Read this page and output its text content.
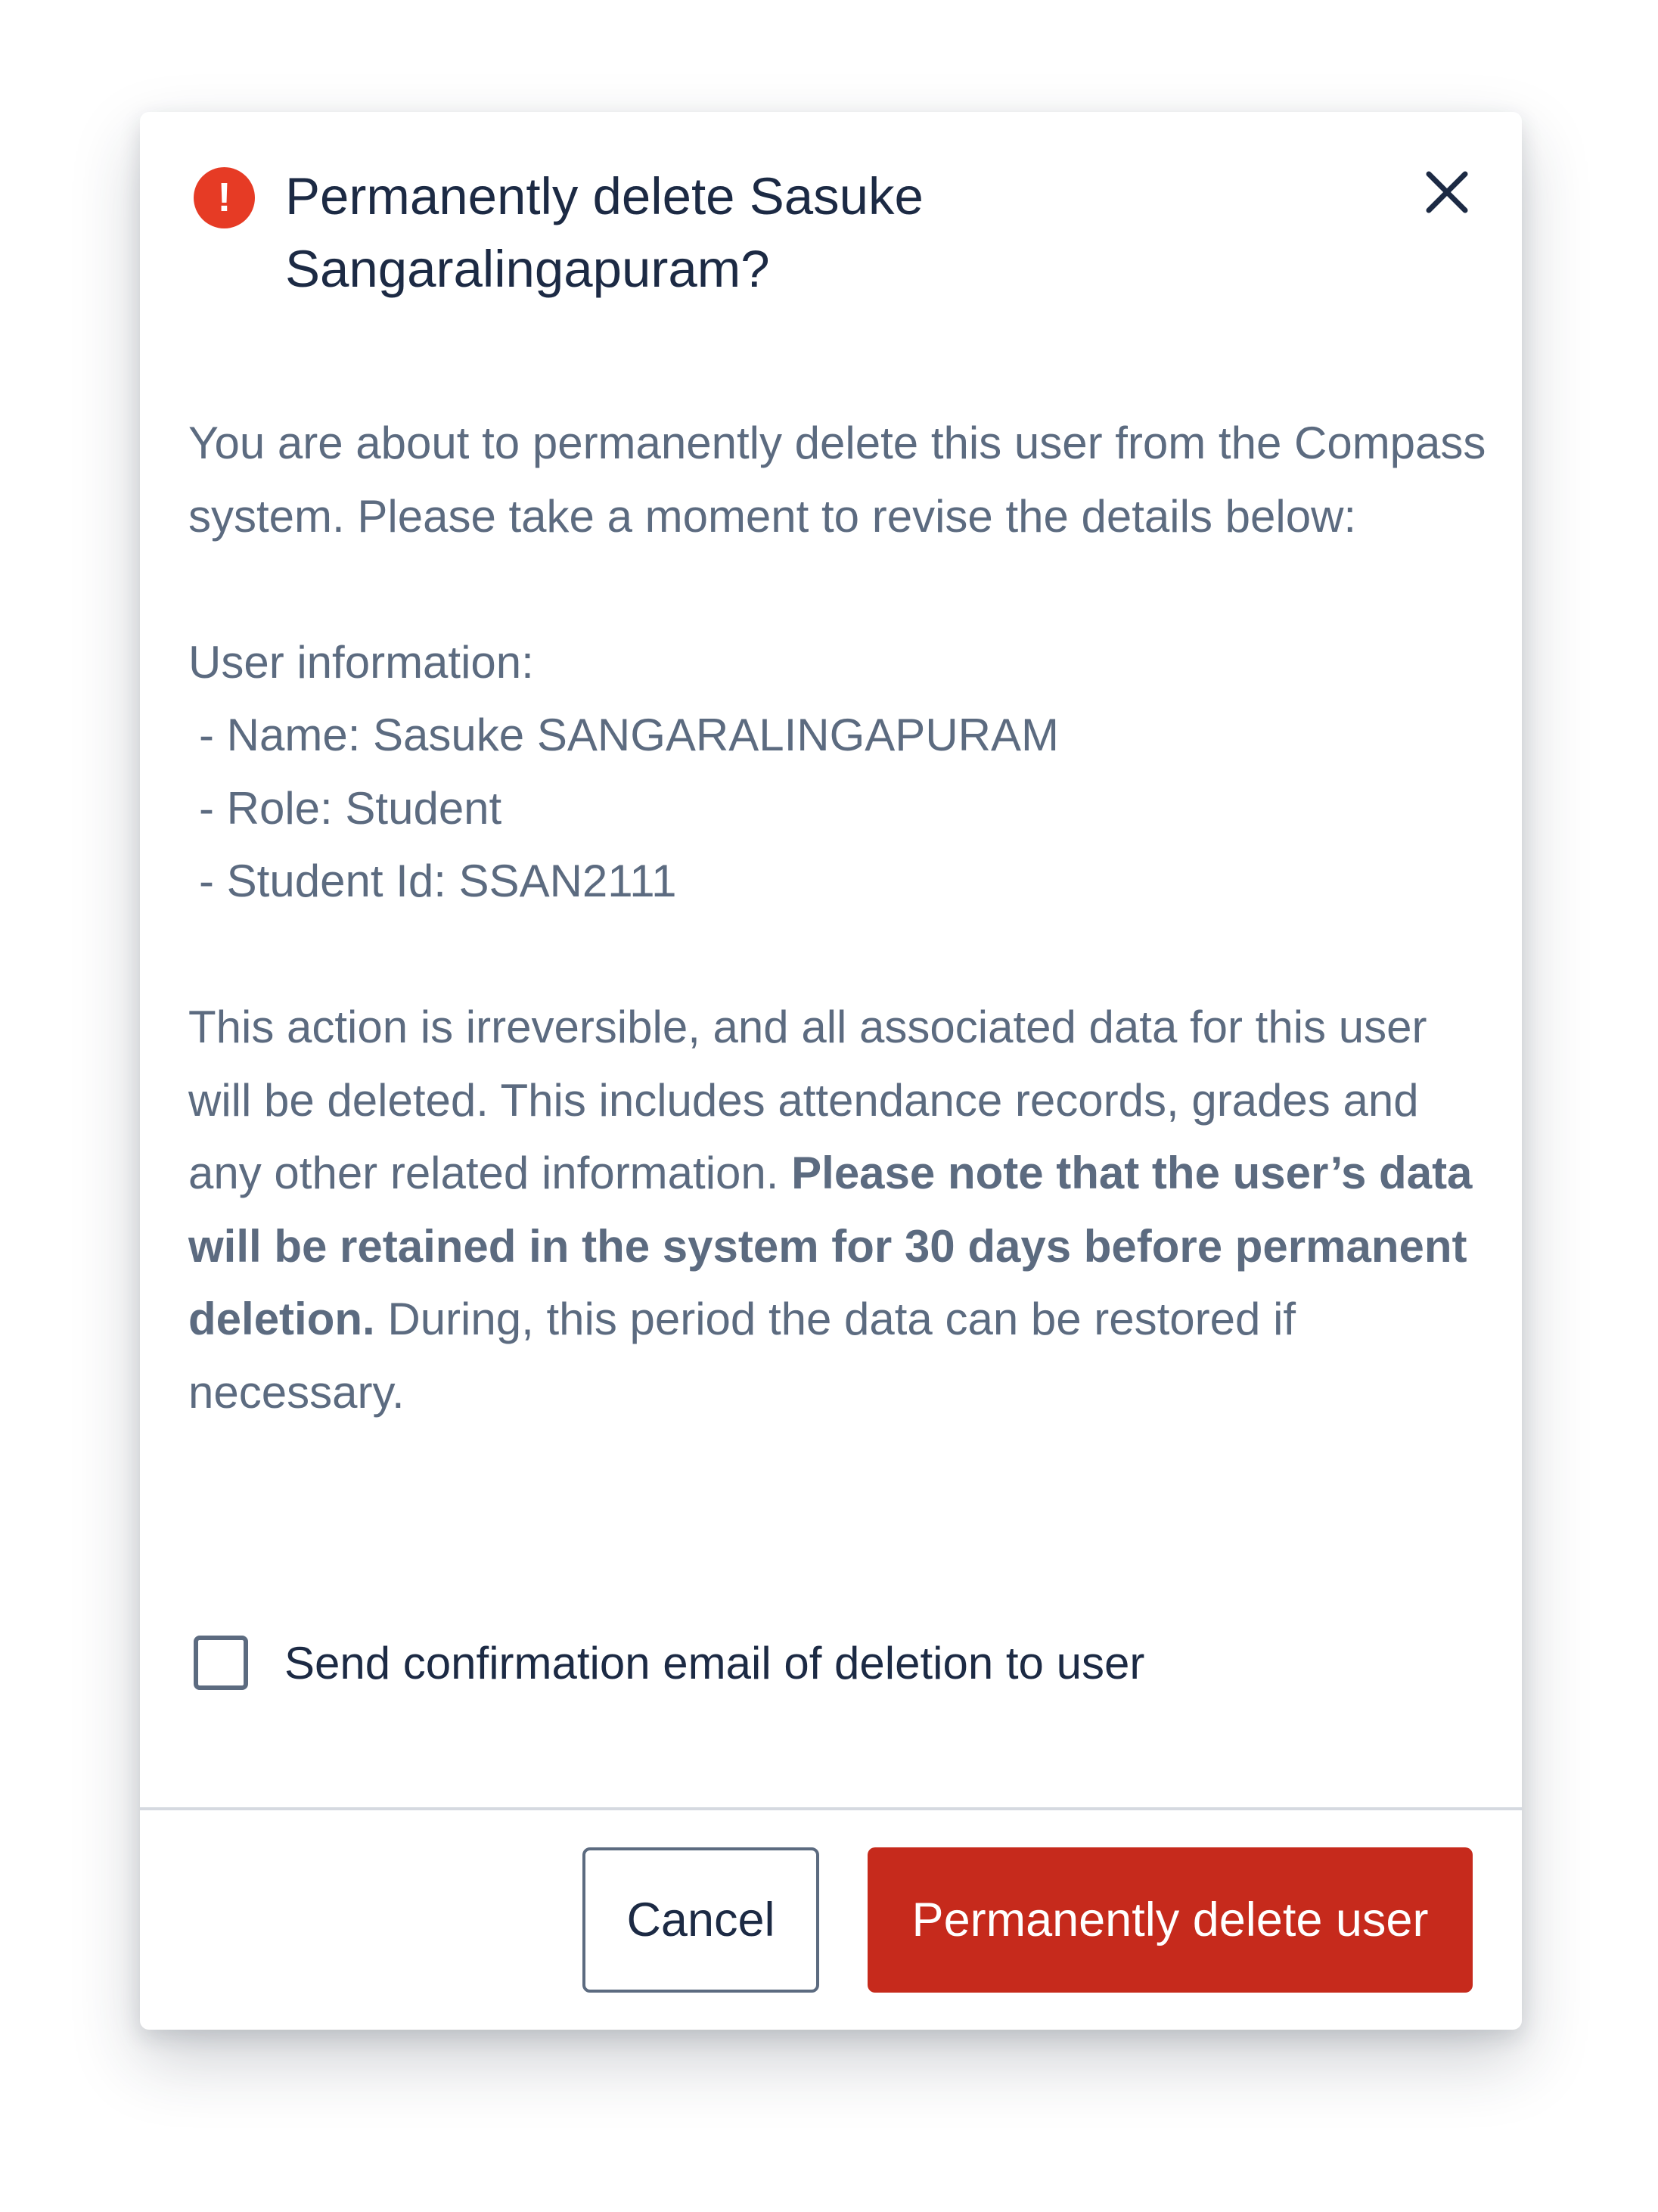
!	Permanently delete Sasuke Sangaralingapuram?

You are about to permanently delete this user from the Compass system. Please take a moment to revise the details below:

User information:
- Name: Sasuke SANGARALINGAPURAM
- Role: Student
- Student Id: SSAN2111

This action is irreversible, and all associated data for this user will be deleted. This includes attendance records, grades and any other related information. Please note that the user’s data will be retained in the system for 30 days before permanent deletion. During, this period the data can be restored if necessary.

Send confirmation email of deletion to user
Cancel	Permanently delete user
